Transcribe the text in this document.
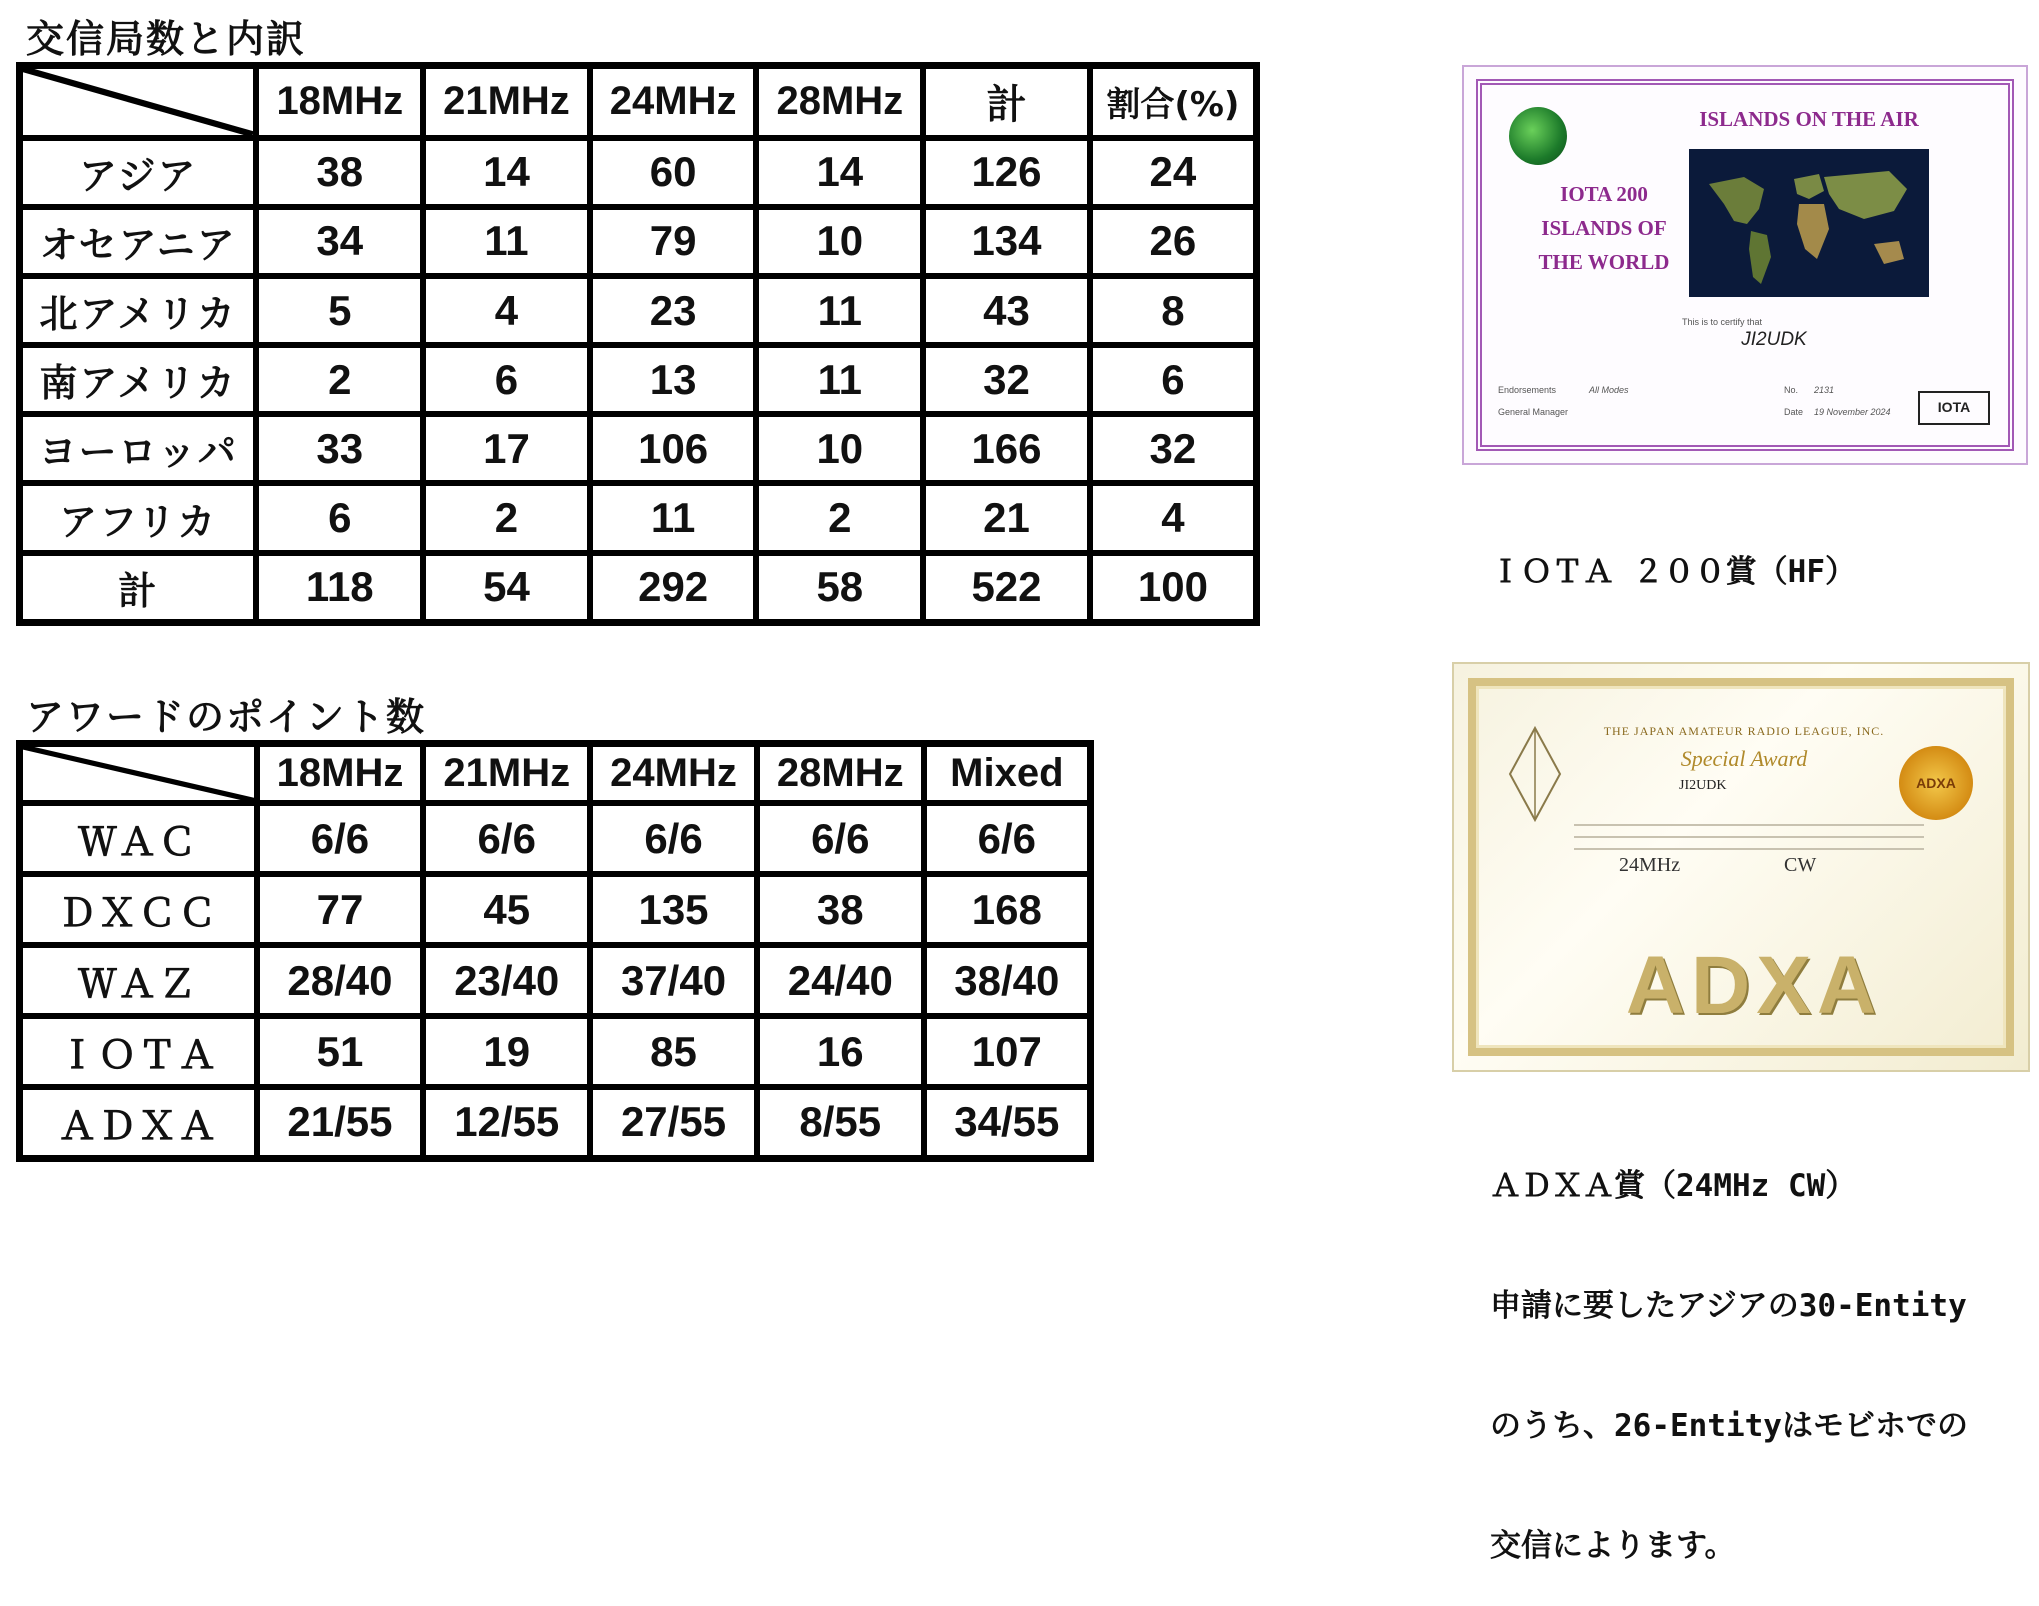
交信局数と内訳
	18MHz	21MHz	24MHz	28MHz	計	割合(%)
アジア	38	14	60	14	126	24
オセアニア	34	11	79	10	134	26
北アメリカ	5	4	23	11	43	8
南アメリカ	2	6	13	11	32	6
ヨーロッパ	33	17	106	10	166	32
アフリカ	6	2	11	2	21	4
計	118	54	292	58	522	100
アワードのポイント数
	18MHz	21MHz	24MHz	28MHz	Mixed
ＷＡＣ	6/6	6/6	6/6	6/6	6/6
ＤＸＣＣ	77	45	135	38	168
ＷＡＺ	28/40	23/40	37/40	24/40	38/40
ＩＯＴＡ	51	19	85	16	107
ＡＤＸＡ	21/55	12/55	27/55	8/55	34/55
ISLANDS ON THE AIR
IOTA 200
ISLANDS OF
THE WORLD
This is to certify that
JI2UDK
Endorsements	All Modes	No. 2131
General Manager	Date 19 November 2024	IOTA

ＩＯＴＡ ２００賞（HF）

THE JAPAN AMATEUR RADIO LEAGUE, INC.
Special Award
JI2UDK
24MHz	CW
ADXA
ADXA

ＡＤＸＡ賞（24MHz CW）

申請に要したアジアの30-Entity

のうち、26-Entityはモビホでの

交信によります。
